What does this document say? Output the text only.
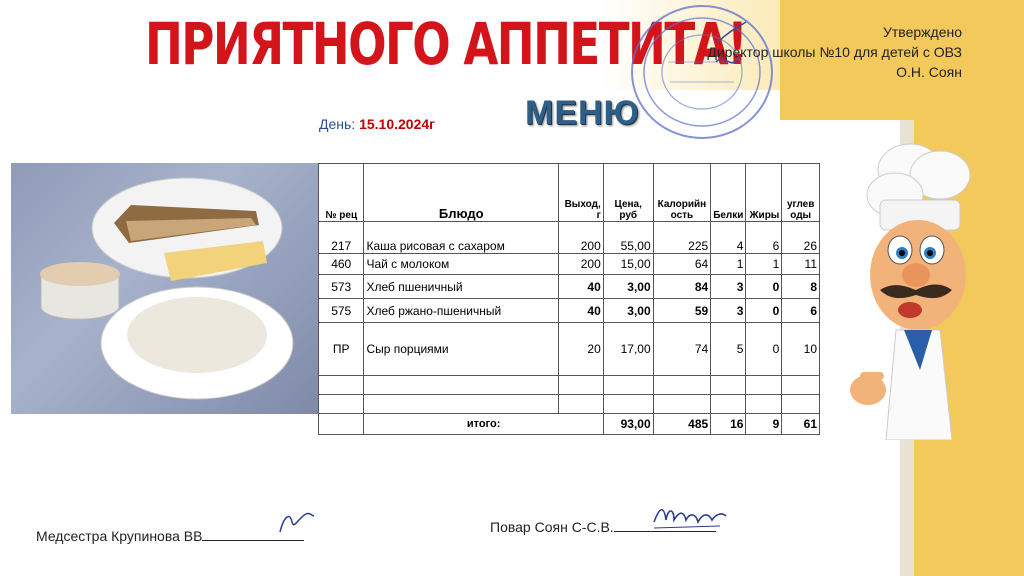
ПРИЯТНОГО АППЕТИТА!
МЕНЮ
День: 15.10.2024г
Утверждено
Директор школы №10 для детей с ОВЗ
О.Н. Соян
№ рец	Блюдо	Выход, г	Цена, руб	Калорийность	Белки	Жиры	углеводы
217	Каша рисовая с сахаром	200	55,00	225	4	6	26
460	Чай с молоком	200	15,00	64	1	1	11
573	Хлеб пшеничный	40	3,00	84	3	0	8
575	Хлеб ржано-пшеничный	40	3,00	59	3	0	6
ПР	Сыр порциями	20	17,00	74	5	0	10

	итого:		93,00	485	16	9	61
Медсестра Крупинова ВВ
Повар Соян С-С.В.
